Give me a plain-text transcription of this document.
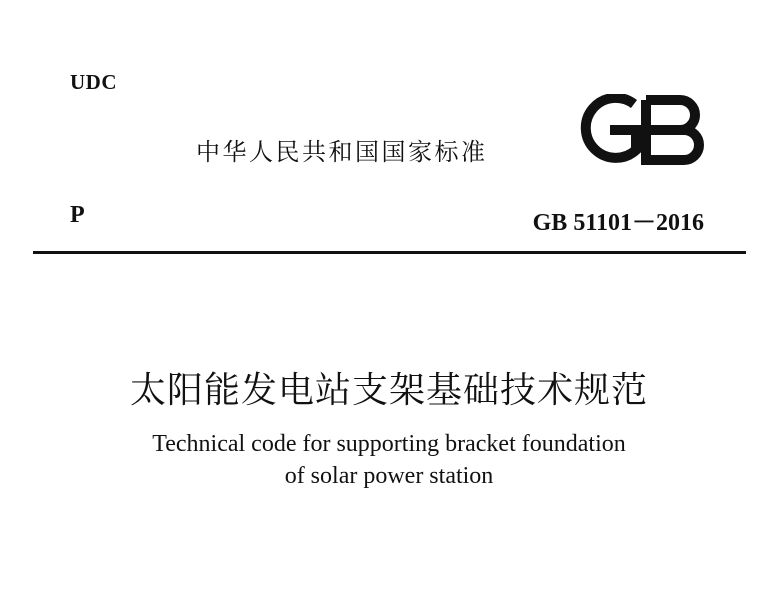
UDC
中华人民共和国国家标准
P	GB 51101－2016
太阳能发电站支架基础技术规范
Technical code for supporting bracket foundation
of solar power station
